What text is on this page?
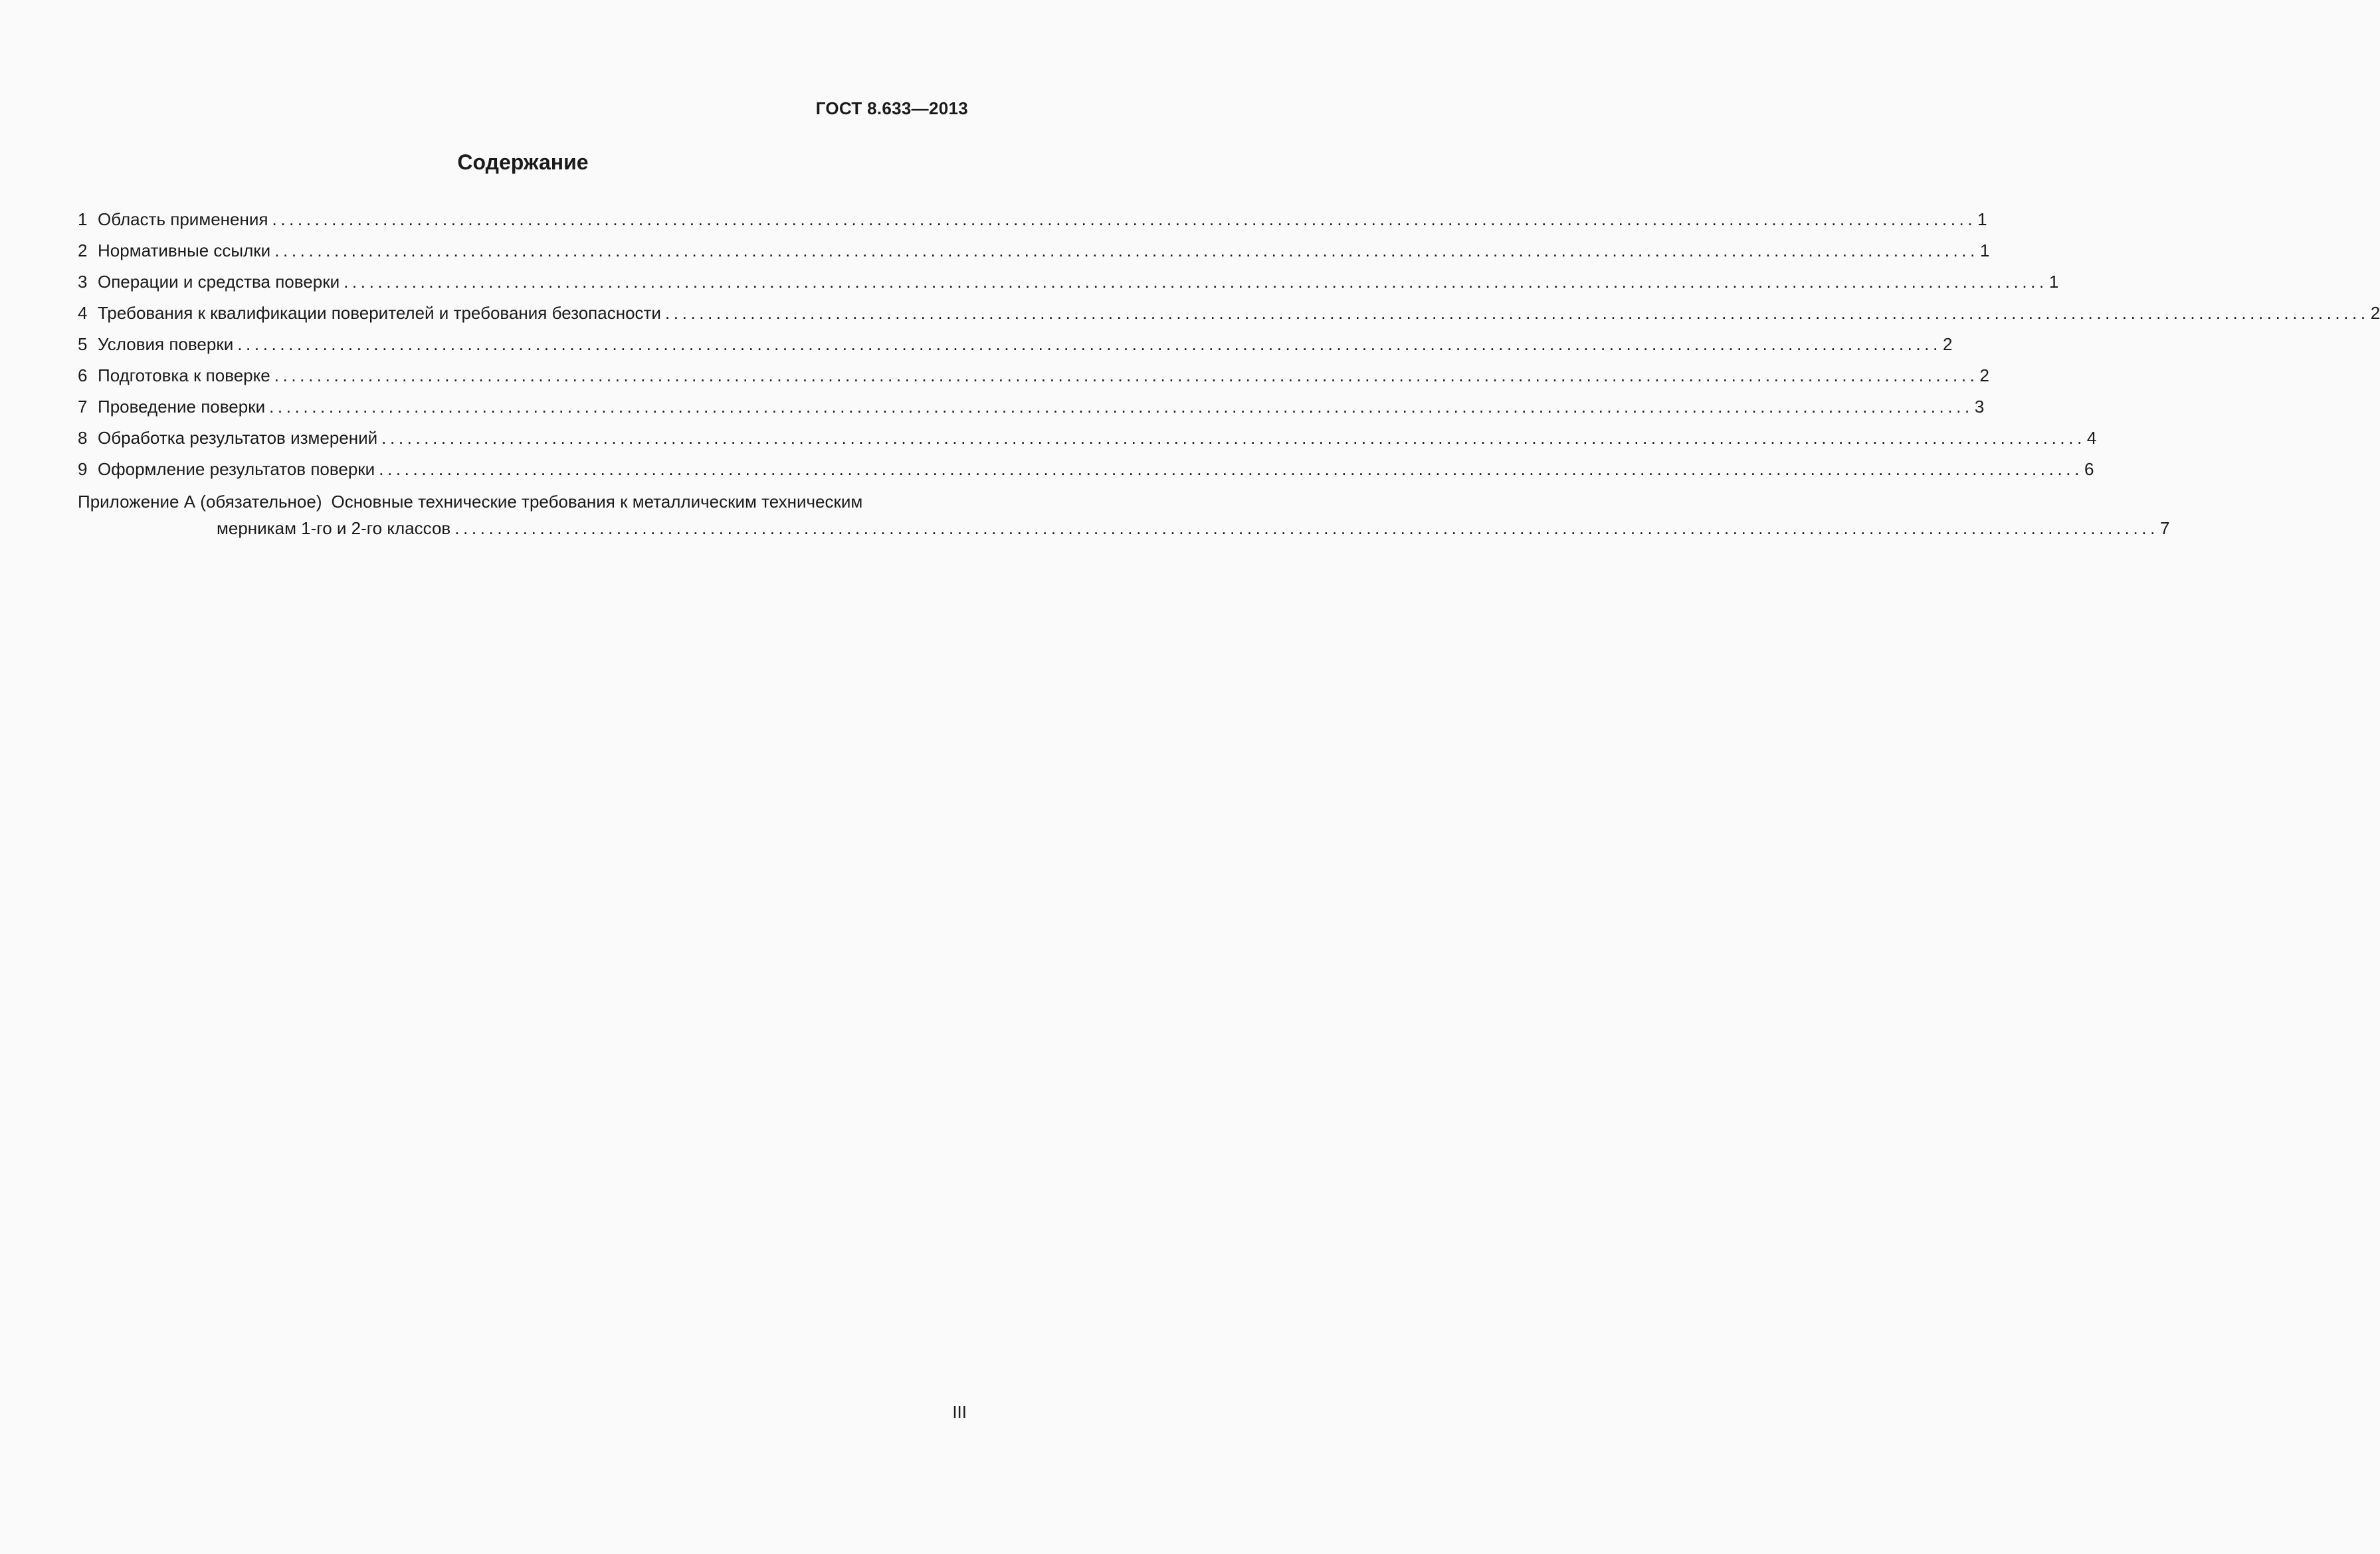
ГОСТ 8.633—2013
Содержание
1 Область применения ........................................................................................................................................................................................................ 1
2 Нормативные ссылки ........................................................................................................................................................................................................ 1
3 Операции и средства поверки ........................................................................................................................................................................................................ 1
4 Требования к квалификации поверителей и требования безопасности ........................................................................................................................................................................................................ 2
5 Условия поверки ........................................................................................................................................................................................................ 2
6 Подготовка к поверке ........................................................................................................................................................................................................ 2
7 Проведение поверки ........................................................................................................................................................................................................ 3
8 Обработка результатов измерений ........................................................................................................................................................................................................ 4
9 Оформление результатов поверки ........................................................................................................................................................................................................ 6
Приложение А (обязательное) Основные технические требования к металлическим техническим
мерникам 1-го и 2-го классов ........................................................................................................................................................................................................ 7
III
